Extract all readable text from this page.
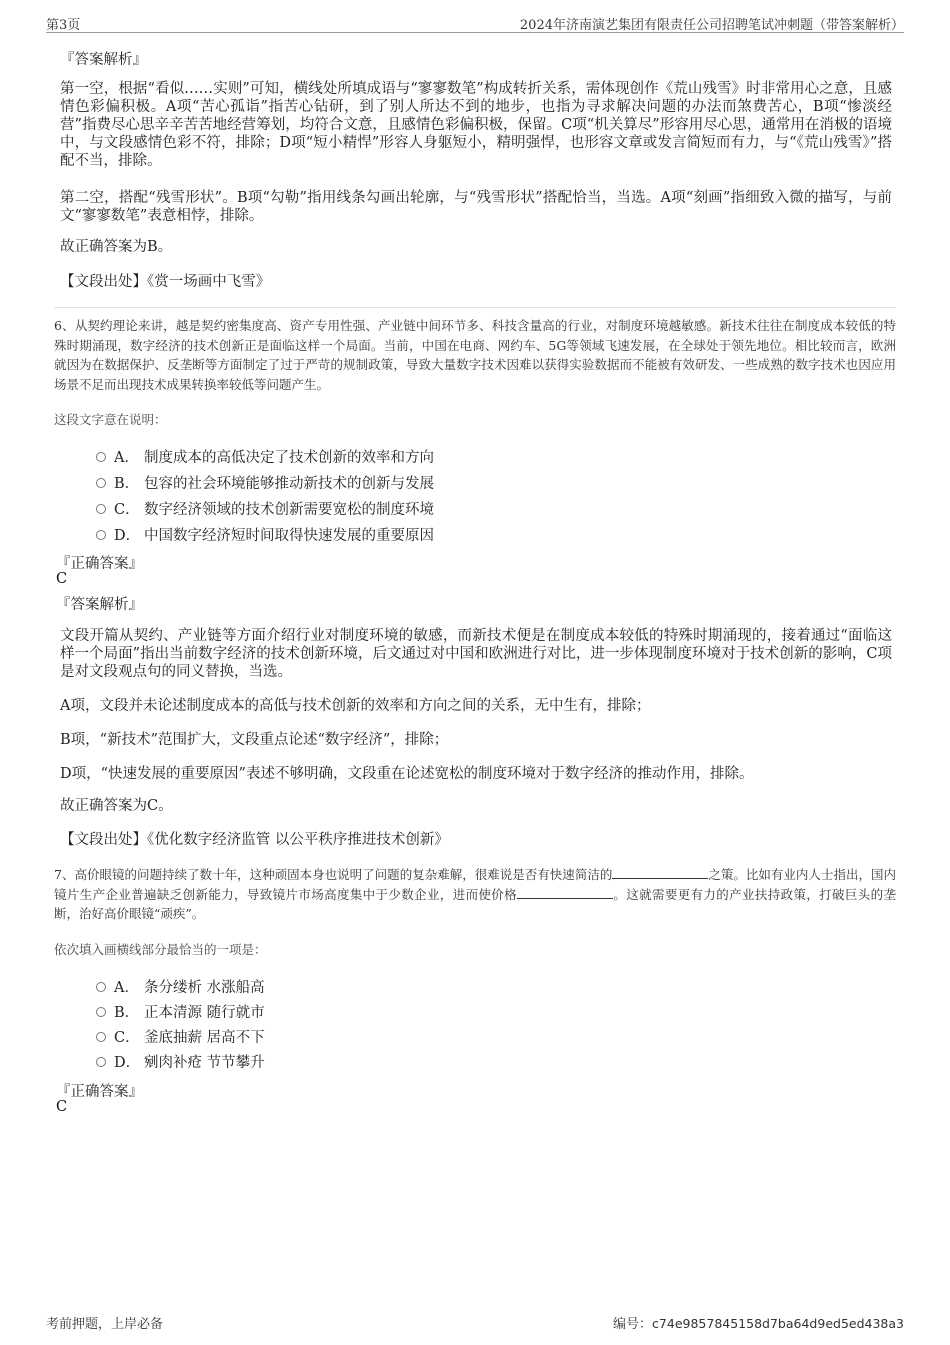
第3页	2024年济南演艺集团有限责任公司招聘笔试冲刺题（带答案解析）
『答案解析』
第一空，根据“看似……实则”可知，横线处所填成语与“寥寥数笔”构成转折关系，需体现创作《荒山残雪》时非常用心之意，且感情色彩偏积极。A项“苦心孤诣”指苦心钻研，到了别人所达不到的地步，也指为寻求解决问题的办法而煞费苦心，B项“惨淡经营”指费尽心思辛辛苦苦地经营筹划，均符合文意，且感情色彩偏积极，保留。C项“机关算尽”形容用尽心思，通常用在消极的语境中，与文段感情色彩不符，排除；D项“短小精悍”形容人身躯短小，精明强悍，也形容文章或发言简短而有力，与“《荒山残雪》”搭配不当，排除。
第二空，搭配“残雪形状”。B项“勾勒”指用线条勾画出轮廓，与“残雪形状”搭配恰当，当选。A项“刻画”指细致入微的描写，与前文“寥寥数笔”表意相悖，排除。
故正确答案为B。
【文段出处】《赏一场画中飞雪》
6、从契约理论来讲，越是契约密集度高、资产专用性强、产业链中间环节多、科技含量高的行业，对制度环境越敏感。新技术往往在制度成本较低的特殊时期涌现，数字经济的技术创新正是面临这样一个局面。当前，中国在电商、网约车、5G等领域飞速发展，在全球处于领先地位。相比较而言，欧洲就因为在数据保护、反垄断等方面制定了过于严苛的规制政策，导致大量数字技术因难以获得实验数据而不能被有效研发、一些成熟的数字技术也因应用场景不足而出现技术成果转换率较低等问题产生。
这段文字意在说明：
A． 制度成本的高低决定了技术创新的效率和方向
B． 包容的社会环境能够推动新技术的创新与发展
C． 数字经济领域的技术创新需要宽松的制度环境
D． 中国数字经济短时间取得快速发展的重要原因
『正确答案』
C
『答案解析』
文段开篇从契约、产业链等方面介绍行业对制度环境的敏感，而新技术便是在制度成本较低的特殊时期涌现的，接着通过“面临这样一个局面”指出当前数字经济的技术创新环境，后文通过对中国和欧洲进行对比，进一步体现制度环境对于技术创新的影响，C项是对文段观点句的同义替换，当选。
A项，文段并未论述制度成本的高低与技术创新的效率和方向之间的关系，无中生有，排除；
B项，“新技术”范围扩大，文段重点论述“数字经济”，排除；
D项，“快速发展的重要原因”表述不够明确，文段重在论述宽松的制度环境对于数字经济的推动作用，排除。
故正确答案为C。
【文段出处】《优化数字经济监管 以公平秩序推进技术创新》
7、高价眼镜的问题持续了数十年，这种顽固本身也说明了问题的复杂难解，很难说是否有快速简洁的	之策。比如有业内人士指出，国内镜片生产企业普遍缺乏创新能力，导致镜片市场高度集中于少数企业，进而使价格	。这就需要更有力的产业扶持政策，打破巨头的垄断，治好高价眼镜“顽疾”。
依次填入画横线部分最恰当的一项是：
A． 条分缕析 水涨船高
B． 正本清源 随行就市
C． 釜底抽薪 居高不下
D． 剜肉补疮 节节攀升
『正确答案』
C
考前押题，上岸必备	编号：c74e9857845158d7ba64d9ed5ed438a3
